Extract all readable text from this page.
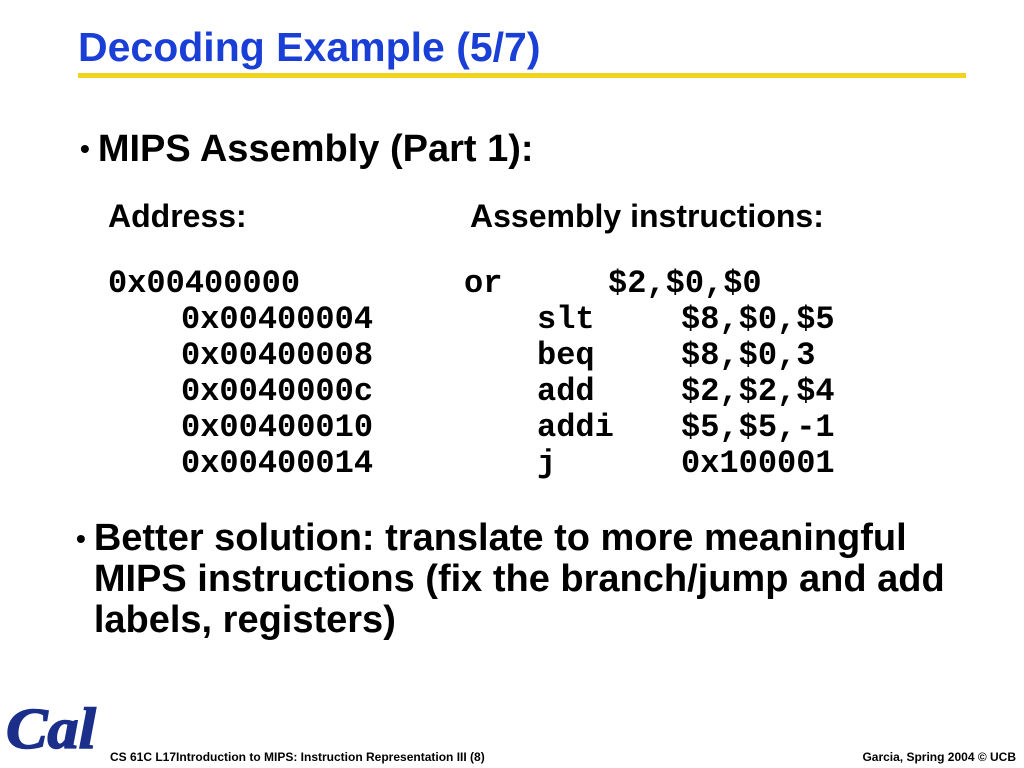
Decoding Example (5/7)
• MIPS Assembly (Part 1):
Address:	Assembly instructions:
0x00400000	or	$2,$0,$0
0x00400004	slt	$8,$0,$5
0x00400008	beq	$8,$0,3
0x0040000c	add	$2,$2,$4
0x00400010	addi $5,$5,-1
0x00400014	j	0x100001
• Better solution: translate to more meaningful MIPS instructions (fix the branch/jump and add labels, registers)
Cal CS 61C L17Introduction to MIPS: Instruction Representation III (8)	Garcia, Spring 2004 © UCB
